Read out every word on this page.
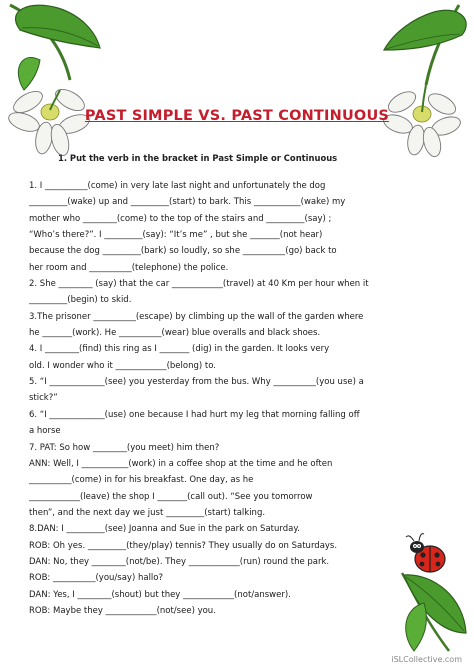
PAST SIMPLE VS. PAST CONTINUOUS
1. Put the verb in the bracket in Past Simple or Continuous
1. I __________(come) in very late last night and unfortunately the dog
_________(wake) up and _________(start) to bark. This ___________(wake) my
mother who ________(come) to the top of the stairs and _________(say) ;
“Who’s there?”. I _________(say): “It’s me” , but she _______(not hear)
because the dog _________(bark) so loudly, so she __________(go) back to
her room and __________(telephone) the police.
2. She ________ (say) that the car ____________(travel) at 40 Km per hour when it
_________(begin) to skid.
3.The prisoner __________(escape) by climbing up the wall of the garden where
he _______(work). He __________(wear) blue overalls and black shoes.
4. I ________(find) this ring as I _______ (dig) in the garden. It looks very
old. I wonder who it ____________(belong) to.
5. “I _____________(see) you yesterday from the bus. Why __________(you use) a
stick?”
6. “I _____________(use) one because I had hurt my leg that morning falling off
a horse
7. PAT: So how ________(you meet) him then?
ANN: Well, I ___________(work) in a coffee shop at the time and he often
__________(come) in for his breakfast. One day, as he
____________(leave) the shop I _______(call out). “See you tomorrow
then”, and the next day we just _________(start) talking.
8.DAN: I _________(see) Joanna and Sue in the park on Saturday.
ROB: Oh yes. _________(they/play) tennis? They usually do on Saturdays.
DAN: No, they ________(not/be). They ____________(run) round the park.
ROB: __________(you/say) hallo?
DAN: Yes, I ________(shout) but they ____________(not/answer).
ROB: Maybe they ____________(not/see) you.
iSLCollective.com
